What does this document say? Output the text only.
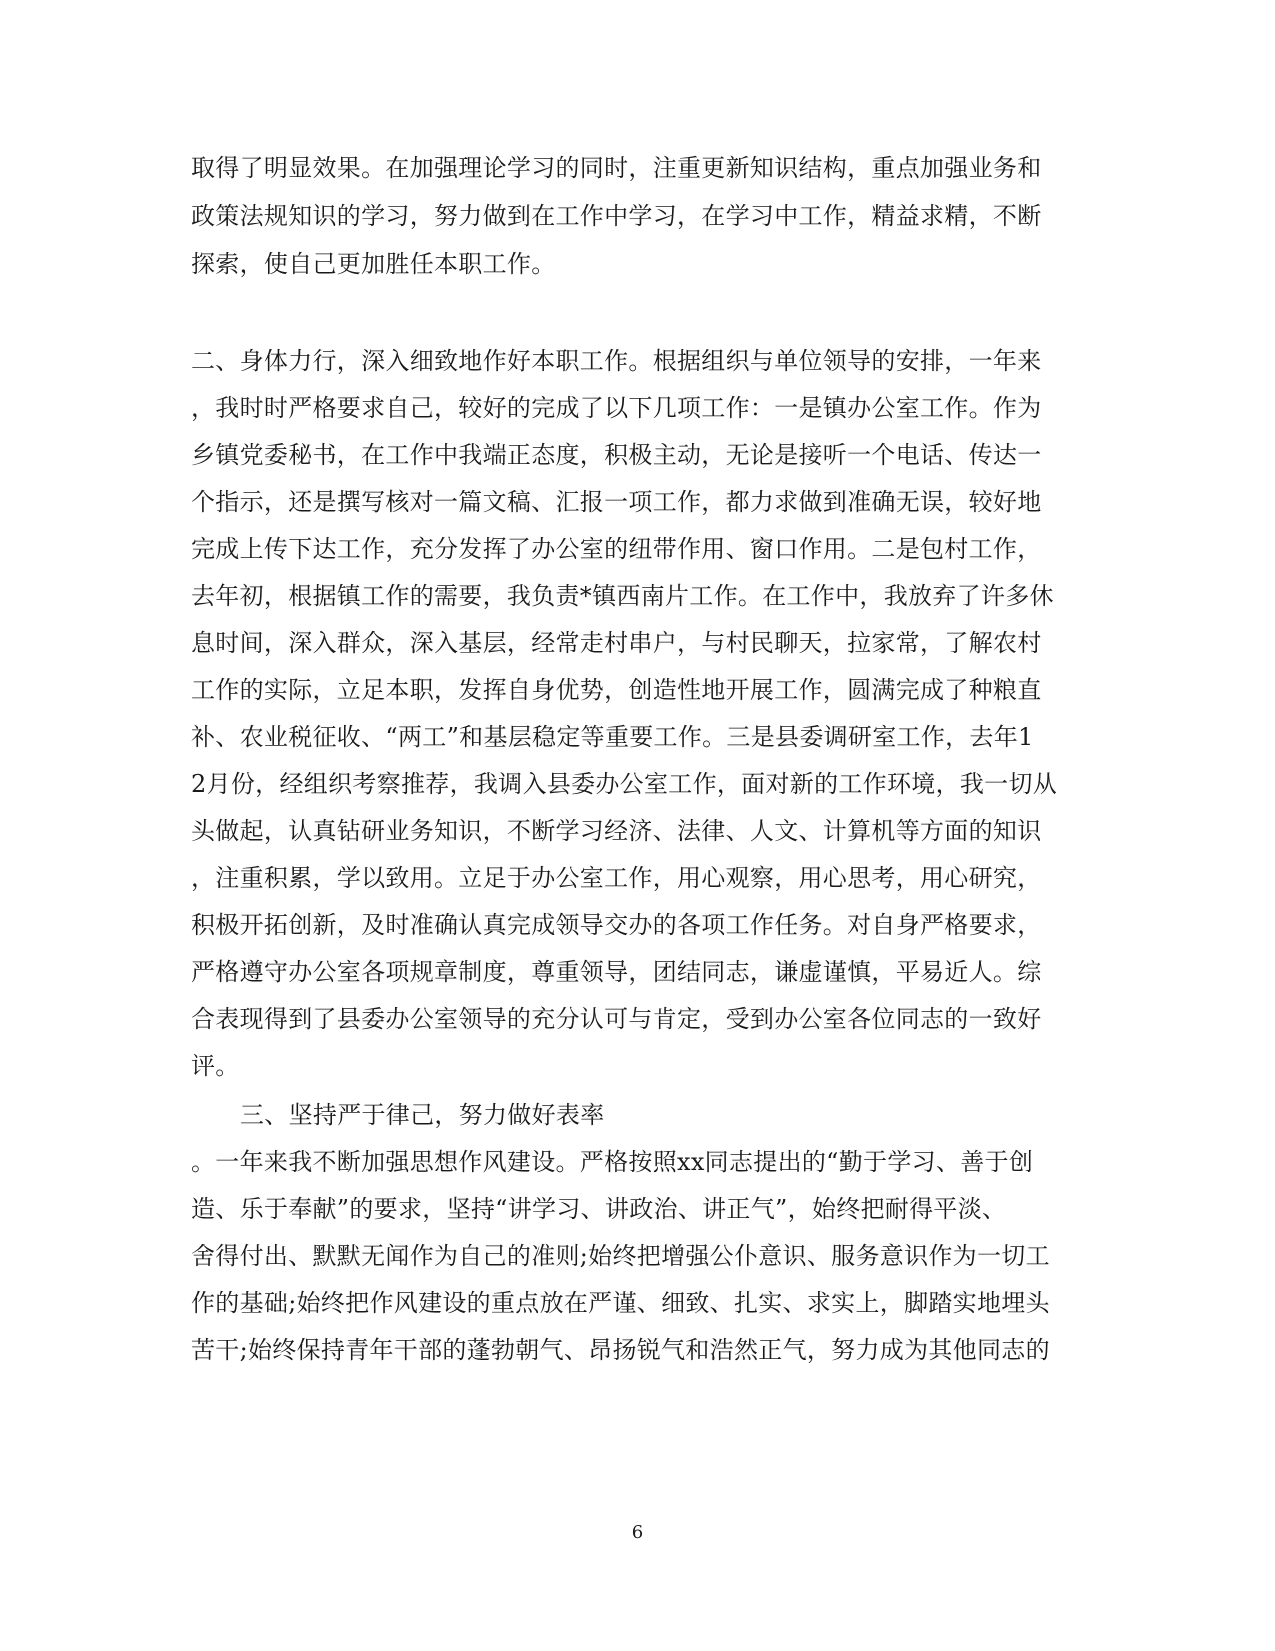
取得了明显效果。在加强理论学习的同时，注重更新知识结构，重点加强业务和
政策法规知识的学习，努力做到在工作中学习，在学习中工作，精益求精，不断
探索，使自己更加胜任本职工作。
二、身体力行，深入细致地作好本职工作。根据组织与单位领导的安排，一年来
，我时时严格要求自己，较好的完成了以下几项工作：一是镇办公室工作。作为
乡镇党委秘书，在工作中我端正态度，积极主动，无论是接听一个电话、传达一
个指示，还是撰写核对一篇文稿、汇报一项工作，都力求做到准确无误，较好地
完成上传下达工作，充分发挥了办公室的纽带作用、窗口作用。二是包村工作，
去年初，根据镇工作的需要，我负责*镇西南片工作。在工作中，我放弃了许多休
息时间，深入群众，深入基层，经常走村串户，与村民聊天，拉家常，了解农村
工作的实际，立足本职，发挥自身优势，创造性地开展工作，圆满完成了种粮直
补、农业税征收、“两工”和基层稳定等重要工作。三是县委调研室工作，去年1
2月份，经组织考察推荐，我调入县委办公室工作，面对新的工作环境，我一切从
头做起，认真钻研业务知识，不断学习经济、法律、人文、计算机等方面的知识
，注重积累，学以致用。立足于办公室工作，用心观察，用心思考，用心研究，
积极开拓创新，及时准确认真完成领导交办的各项工作任务。对自身严格要求，
严格遵守办公室各项规章制度，尊重领导，团结同志，谦虚谨慎，平易近人。综
合表现得到了县委办公室领导的充分认可与肯定，受到办公室各位同志的一致好
评。
三、坚持严于律己，努力做好表率
。一年来我不断加强思想作风建设。严格按照xx同志提出的“勤于学习、善于创
造、乐于奉献”的要求，坚持“讲学习、讲政治、讲正气”，始终把耐得平淡、
舍得付出、默默无闻作为自己的准则;始终把增强公仆意识、服务意识作为一切工
作的基础;始终把作风建设的重点放在严谨、细致、扎实、求实上，脚踏实地埋头
苦干;始终保持青年干部的蓬勃朝气、昂扬锐气和浩然正气，努力成为其他同志的
6
